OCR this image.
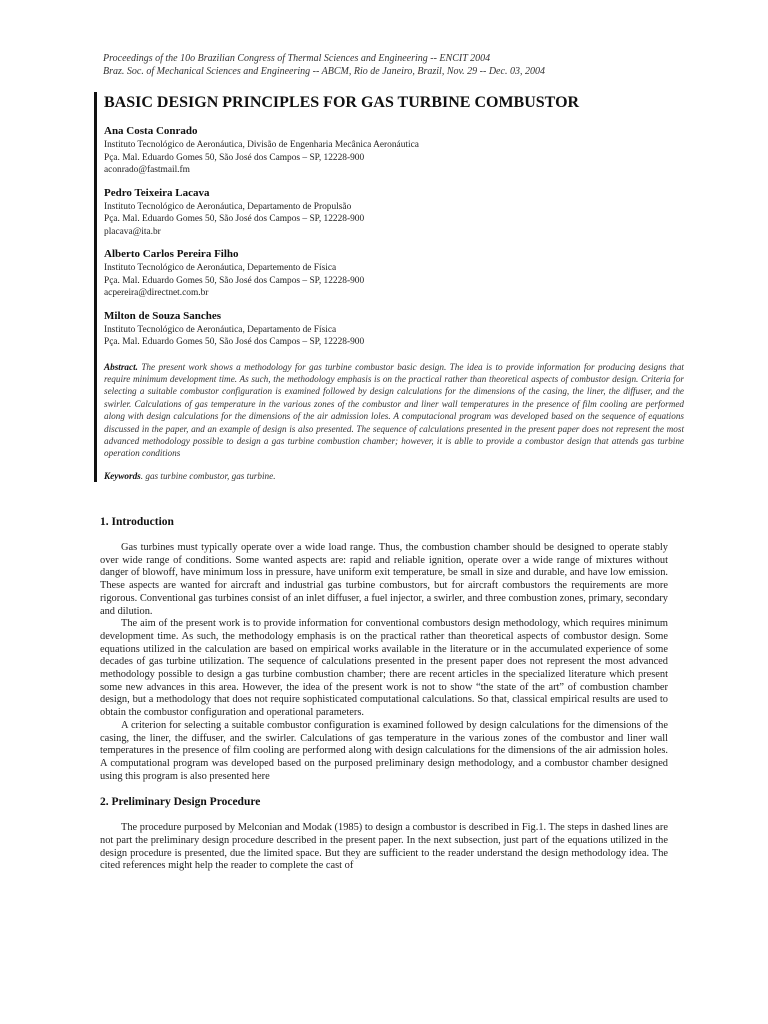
Proceedings of the 10o Brazilian Congress of Thermal Sciences and Engineering -- ENCIT 2004
Braz. Soc. of Mechanical Sciences and Engineering -- ABCM, Rio de Janeiro, Brazil, Nov. 29 -- Dec. 03, 2004
BASIC DESIGN PRINCIPLES FOR GAS TURBINE COMBUSTOR
Ana Costa Conrado
Instituto Tecnológico de Aeronáutica, Divisão de Engenharia Mecânica Aeronáutica
Pça. Mal. Eduardo Gomes 50, São José dos Campos – SP, 12228-900
aconrado@fastmail.fm
Pedro Teixeira Lacava
Instituto Tecnológico de Aeronáutica, Departamento de Propulsão
Pça. Mal. Eduardo Gomes 50, São José dos Campos – SP, 12228-900
placava@ita.br
Alberto Carlos Pereira Filho
Instituto Tecnológico de Aeronáutica, Departemento de Física
Pça. Mal. Eduardo Gomes 50, São José dos Campos – SP, 12228-900
acpereira@directnet.com.br
Milton de Souza Sanches
Instituto Tecnológico de Aeronáutica, Departamento de Física
Pça. Mal. Eduardo Gomes 50, São José dos Campos – SP, 12228-900
Abstract. The present work shows a methodology for gas turbine combustor basic design. The idea is to provide information for producing designs that require minimum development time. As such, the methodology emphasis is on the practical rather than theoretical aspects of combustor design. Criteria for selecting a suitable combustor configuration is examined followed by design calculations for the dimensions of the casing, the liner, the diffuser, and the swirler. Calculations of gas temperature in the various zones of the combustor and liner wall temperatures in the presence of film cooling are performed along with design calculations for the dimensions of the air admission loles. A computacional program was developed based on the sequence of equations discussed in the paper, and an example of design is also presented. The sequence of calculations presented in the present paper does not represent the most advanced methodology possible to design a gas turbine combustion chamber; however, it is ablle to provide a combustor design that attends gas turbine operation conditions
Keywords. gas turbine combustor, gas turbine.
1. Introduction

Gas turbines must typically operate over a wide load range. Thus, the combustion chamber should be designed to operate stably over wide range of conditions. Some wanted aspects are: rapid and reliable ignition, operate over a wide range of mixtures without danger of blowoff, have minimum loss in pressure, have uniform exit temperature, be small in size and durable, and have low emission. These aspects are wanted for aircraft and industrial gas turbine combustors, but for aircraft combustors the requirements are more rigorous. Conventional gas turbines consist of an inlet diffuser, a fuel injector, a swirler, and three combustion zones, primary, secondary and dilution.

The aim of the present work is to provide information for conventional combustors design methodology, which requires minimum development time. As such, the methodology emphasis is on the practical rather than theoretical aspects of combustor design. Some equations utilized in the calculation are based on empirical works available in the literature or in the accumulated experience of some decades of gas turbine utilization. The sequence of calculations presented in the present paper does not represent the most advanced methodology possible to design a gas turbine combustion chamber; there are recent articles in the specialized literature which present some new advances in this area. However, the idea of the present work is not to show “the state of the art” of combustion chamber design, but a methodology that does not require sophisticated computational calculations. So that, classical empirical results are used to obtain the combustor configuration and operational parameters.

A criterion for selecting a suitable combustor configuration is examined followed by design calculations for the dimensions of the casing, the liner, the diffuser, and the swirler. Calculations of gas temperature in the various zones of the combustor and liner wall temperatures in the presence of film cooling are performed along with design calculations for the dimensions of the air admission holes. A computational program was developed based on the purposed preliminary design methodology, and a combustor chamber designed using this program is also presented here

2. Preliminary Design Procedure

The procedure purposed by Melconian and Modak (1985) to design a combustor is described in Fig.1. The steps in dashed lines are not part the preliminary design procedure described in the present paper. In the next subsection, just part of the equations utilized in the design procedure is presented, due the limited space. But they are sufficient to the reader understand the design methodology idea. The cited references might help the reader to complete the cast of
